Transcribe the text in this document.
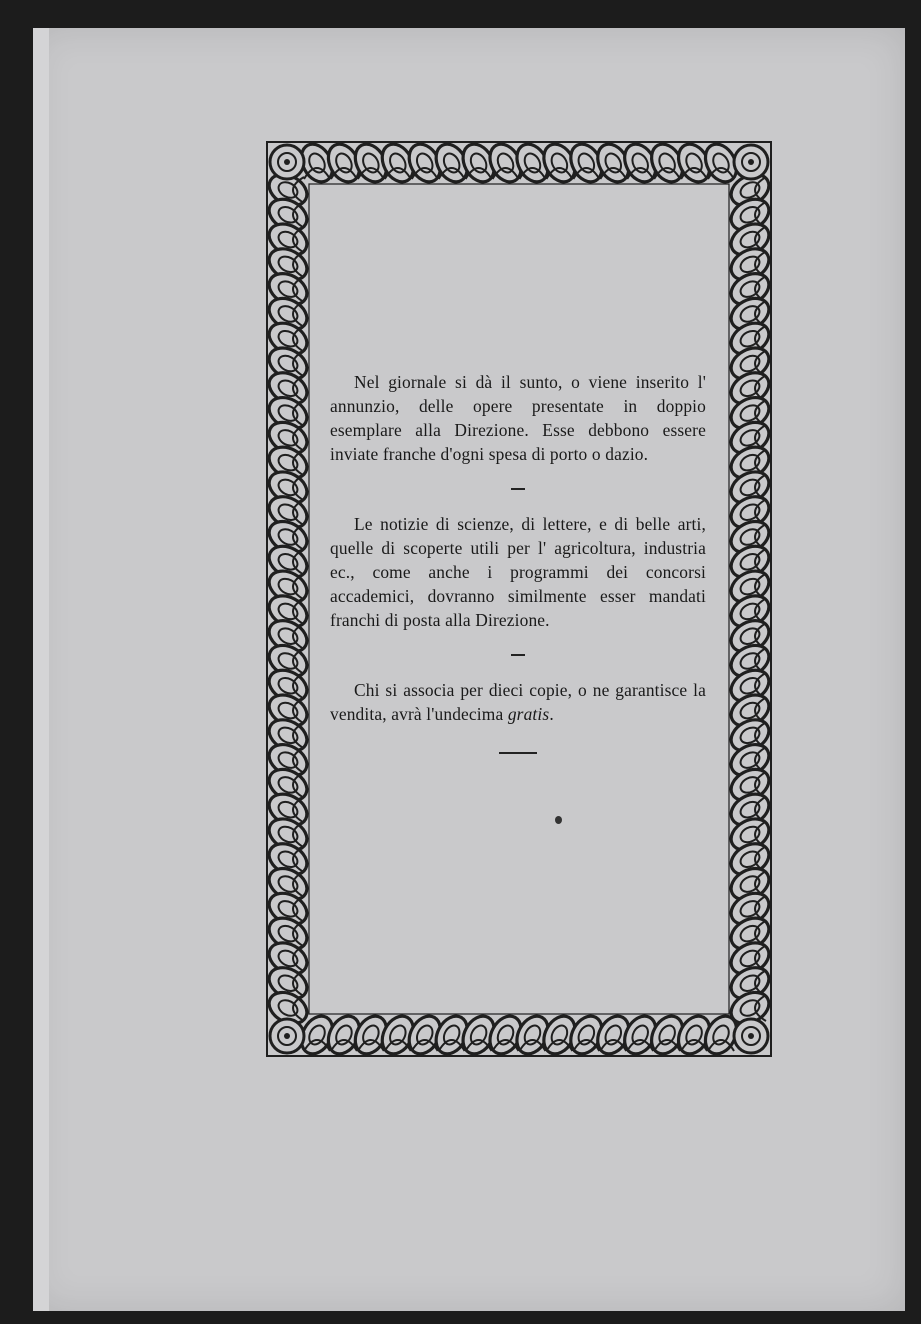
Nel giornale si dà il sunto, o viene inserito l' annunzio, delle opere presentate in doppio esemplare alla Direzione. Esse debbono essere inviate franche d'ogni spesa di porto o dazio.

Le notizie di scienze, di lettere, e di belle arti, quelle di scoperte utili per l' agricoltura, industria ec., come anche i programmi dei concorsi accademici, dovranno similmente esser mandati franchi di posta alla Direzione.

Chi si associa per dieci copie, o ne garantisce la vendita, avrà l'undecima gratis.
